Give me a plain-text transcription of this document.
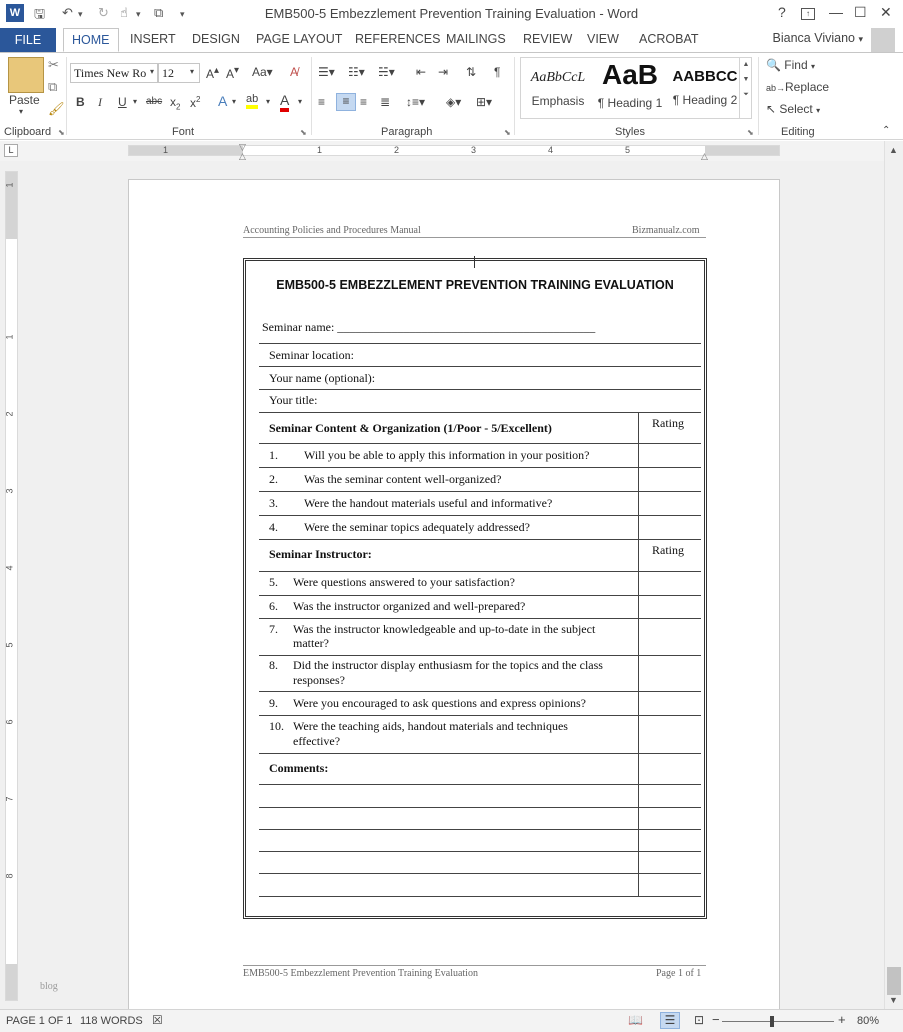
W 🖫 ↶ ▾ ↻ ☝ ▾ ⧉ ▾	EMB500-5 Embezzlement Prevention Training Evaluation - Word	?	↑	— ☐ ✕
FILE	HOME	INSERT DESIGN PAGE LAYOUT REFERENCES MAILINGS REVIEW VIEW ACROBAT	Bianca Viviano ▾
Paste
▾
✂
⧉
🖌
Clipboard ⬊
Times New Ro ▾ 12	▾ A▴ A▾ Aa▾ A̸
B I U ▾ abc $x_2$ $x^2$ A ▾ ab ▾ A ▾
Font	⬊
☰▾ ☷▾ ☵▾ ⇤ ⇥ ⇅ ¶
≡	≡ ≡ ≣ ↕≡▾ ◈▾ ⊞▾
Paragraph	⬊
AaBbCcL
Emphasis
AaB
¶ Heading 1
AABBCC
¶ Heading 2
▲
▼
⏷
Styles	⬊
🔍 Find ▾
ab→Replace
↖ Select ▾
Editing	⌃
L	1	1	2	3	4	5
▽
△	△
1
1
2
3
4
5
6
7
8
Accounting Policies and Procedures Manual	Bizmanualz.com
EMB500-5 EMBEZZLEMENT PREVENTION TRAINING EVALUATION
Seminar name: ___________________________________________
Seminar location:
Your name (optional):
Your title:
Seminar Content & Organization (1/Poor - 5/Excellent)	Rating
1. Will you be able to apply this information in your position?
2. Was the seminar content well-organized?
3. Were the handout materials useful and informative?
4. Were the seminar topics adequately addressed?
Seminar Instructor:	Rating
5. Were questions answered to your satisfaction?
6. Was the instructor organized and well-prepared?
7. Was the instructor knowledgeable and up-to-date in the subject
matter?
8. Did the instructor display enthusiasm for the topics and the class
responses?
9. Were you encouraged to ask questions and express opinions?
10. Were the teaching aids, handout materials and techniques
effective?
Comments:
EMB500-5 Embezzlement Prevention Training Evaluation	Page 1 of 1
blog
▲
▼
PAGE 1 OF 1 118 WORDS ☒	📖	☰	⊡ −	+ 80%
